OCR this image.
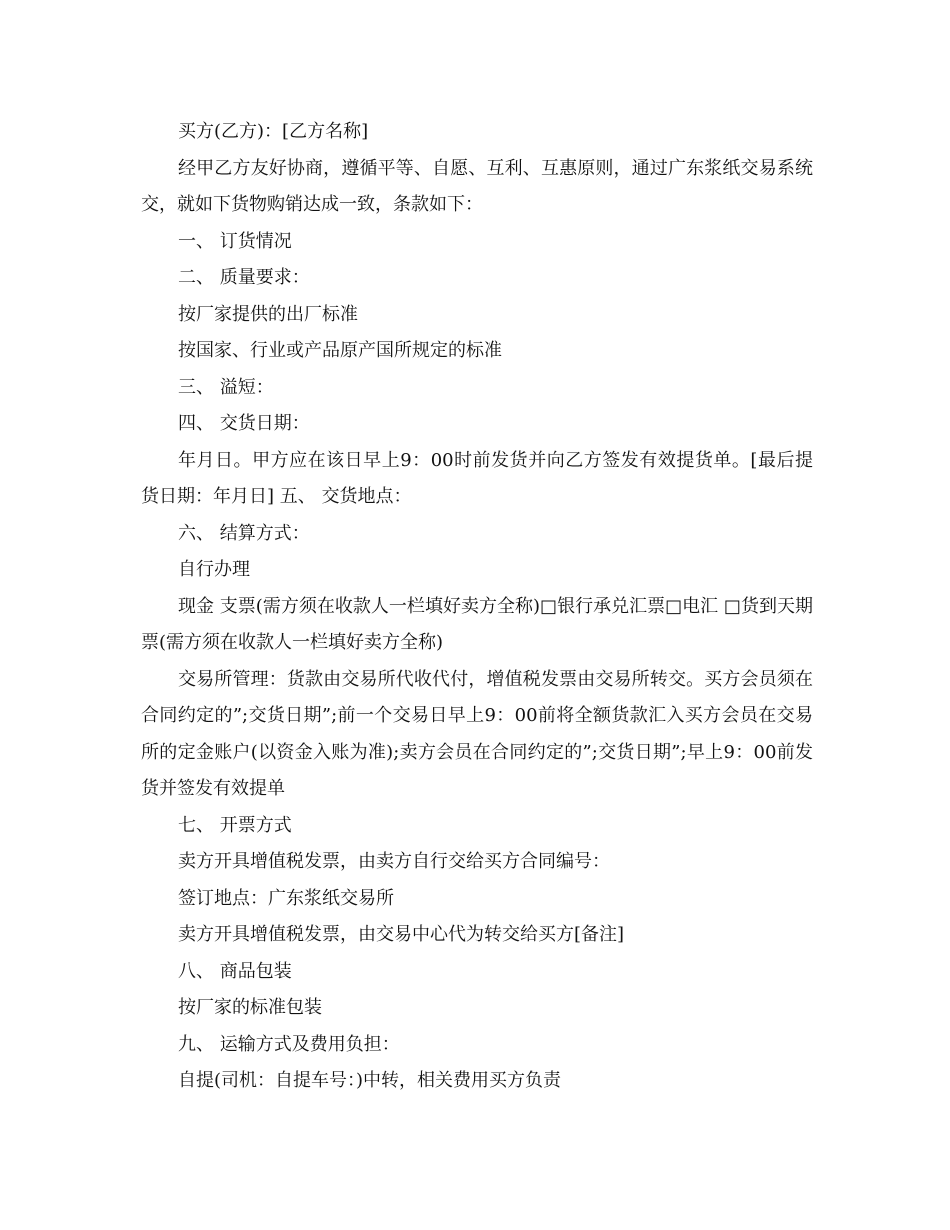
买方(乙方)：[乙方名称]

经甲乙方友好协商，遵循平等、自愿、互利、互惠原则，通过广东浆纸交易系统交，就如下货物购销达成一致，条款如下：

一、 订货情况

二、 质量要求：

按厂家提供的出厂标准

按国家、行业或产品原产国所规定的标准

三、 溢短：

四、 交货日期：

年月日。甲方应在该日早上9：00时前发货并向乙方签发有效提货单。[最后提货日期：年月日] 五、 交货地点：

六、 结算方式：

自行办理

现金 支票(需方须在收款人一栏填好卖方全称)□银行承兑汇票□电汇 □货到天期票(需方须在收款人一栏填好卖方全称)

交易所管理：货款由交易所代收代付，增值税发票由交易所转交。买方会员须在合同约定的”;交货日期”;前一个交易日早上9：00前将全额货款汇入买方会员在交易所的定金账户(以资金入账为准);卖方会员在合同约定的”;交货日期”;早上9：00前发货并签发有效提单

七、 开票方式

卖方开具增值税发票，由卖方自行交给买方合同编号：

签订地点：广东浆纸交易所

卖方开具增值税发票，由交易中心代为转交给买方[备注]

八、 商品包装

按厂家的标准包装

九、 运输方式及费用负担：

自提(司机：自提车号：)中转，相关费用买方负责
